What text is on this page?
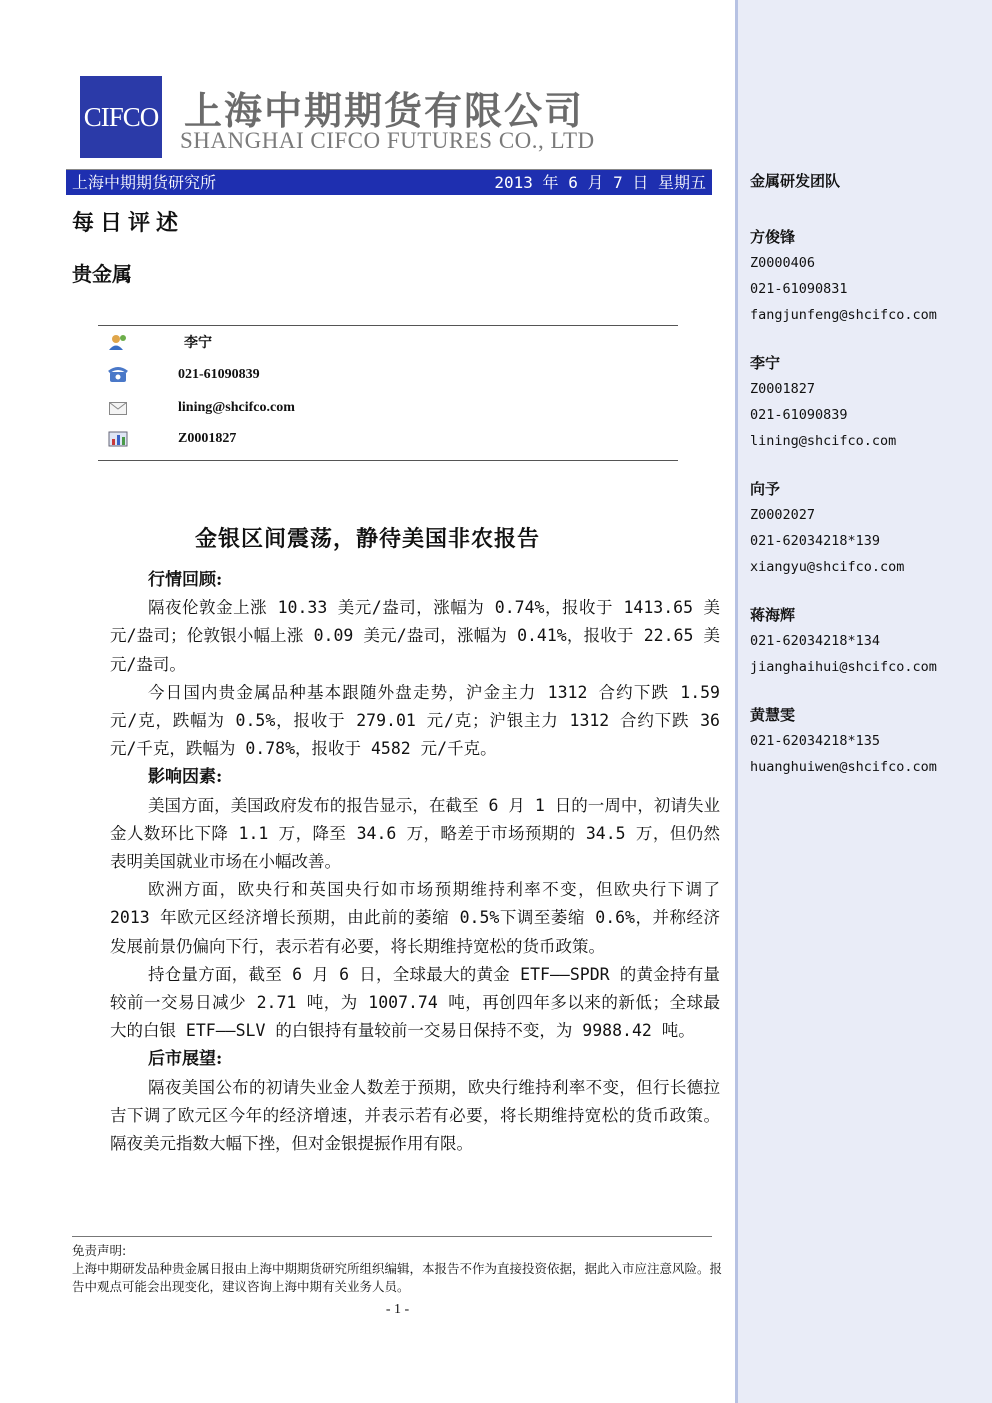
CIFCO 上海中期期货有限公司
SHANGHAI CIFCO FUTURES CO., LTD
上海中期期货研究所	2013 年 6 月 7 日 星期五
每日评述
贵金属
李宁
021-61090839
lining@shcifco.com
Z0001827
金银区间震荡，静待美国非农报告
行情回顾:

隔夜伦敦金上涨 10.33 美元/盎司，涨幅为 0.74%，报收于 1413.65 美元/盎司；伦敦银小幅上涨 0.09 美元/盎司，涨幅为 0.41%，报收于 22.65 美元/盎司。

今日国内贵金属品种基本跟随外盘走势，沪金主力 1312 合约下跌 1.59 元/克，跌幅为 0.5%，报收于 279.01 元/克；沪银主力 1312 合约下跌 36 元/千克，跌幅为 0.78%，报收于 4582 元/千克。

影响因素:

美国方面，美国政府发布的报告显示，在截至 6 月 1 日的一周中，初请失业金人数环比下降 1.1 万，降至 34.6 万，略差于市场预期的 34.5 万，但仍然表明美国就业市场在小幅改善。

欧洲方面，欧央行和英国央行如市场预期维持利率不变，但欧央行下调了 2013 年欧元区经济增长预期，由此前的萎缩 0.5%下调至萎缩 0.6%，并称经济发展前景仍偏向下行，表示若有必要，将长期维持宽松的货币政策。

持仓量方面，截至 6 月 6 日，全球最大的黄金 ETF——SPDR 的黄金持有量较前一交易日减少 2.71 吨，为 1007.74 吨，再创四年多以来的新低；全球最大的白银 ETF——SLV 的白银持有量较前一交易日保持不变，为 9988.42 吨。

后市展望:

隔夜美国公布的初请失业金人数差于预期，欧央行维持利率不变，但行长德拉吉下调了欧元区今年的经济增速，并表示若有必要，将长期维持宽松的货币政策。隔夜美元指数大幅下挫，但对金银提振作用有限。

免责声明:
上海中期研发品种贵金属日报由上海中期期货研究所组织编辑，本报告不作为直接投资依据，据此入市应注意风险。报告中观点可能会出现变化，建议咨询上海中期有关业务人员。
- 1 -
金属研发团队
方俊锋
Z0000406
021-61090831
fangjunfeng@shcifco.com
李宁
Z0001827
021-61090839
lining@shcifco.com
向予
Z0002027
021-62034218*139
xiangyu@shcifco.com
蒋海辉
021-62034218*134
jianghaihui@shcifco.com
黄慧雯
021-62034218*135
huanghuiwen@shcifco.com
